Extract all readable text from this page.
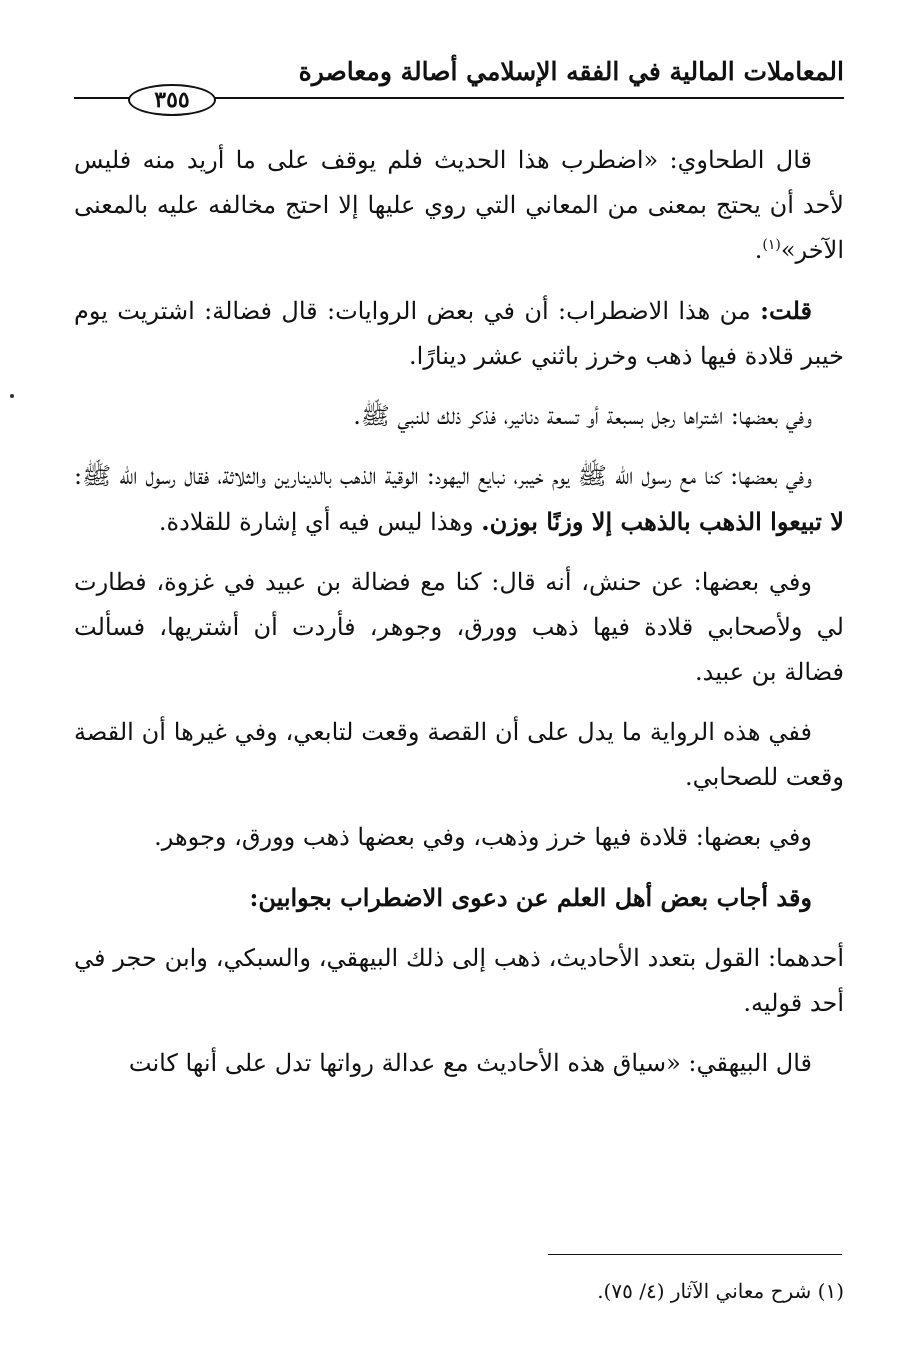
المعاملات المالية في الفقه الإسلامي أصالة ومعاصرة
٣٥٥

قال الطحاوي: «اضطرب هذا الحديث فلم يوقف على ما أريد منه فليس لأحد أن يحتج بمعنى من المعاني التي روي عليها إلا احتج مخالفه عليه بالمعنى الآخر»$^{(١)}$.

قلت: من هذا الاضطراب: أن في بعض الروايات: قال فضالة: اشتريت يوم خيبر قلادة فيها ذهب وخرز باثني عشر دينارًا.

وفي بعضها: اشتراها رجل بسبعة أو تسعة دنانير، فذكر ذلك للنبي ﷺ.

وفي بعضها: كنا مع رسول الله ﷺ يوم خيبر، نبايع اليهود: الوقية الذهب بالدينارين والثلاثة، فقال رسول الله ﷺ: لا تبيعوا الذهب بالذهب إلا وزنًا بوزن. وهذا ليس فيه أي إشارة للقلادة.

وفي بعضها: عن حنش، أنه قال: كنا مع فضالة بن عبيد في غزوة، فطارت لي ولأصحابي قلادة فيها ذهب وورق، وجوهر، فأردت أن أشتريها، فسألت فضالة بن عبيد.

ففي هذه الرواية ما يدل على أن القصة وقعت لتابعي، وفي غيرها أن القصة وقعت للصحابي.

وفي بعضها: قلادة فيها خرز وذهب، وفي بعضها ذهب وورق، وجوهر.

وقد أجاب بعض أهل العلم عن دعوى الاضطراب بجوابين:

أحدهما: القول بتعدد الأحاديث، ذهب إلى ذلك البيهقي، والسبكي، وابن حجر في أحد قوليه.

قال البيهقي: «سياق هذه الأحاديث مع عدالة رواتها تدل على أنها كانت

(١) شرح معاني الآثار (٤/ ٧٥).
